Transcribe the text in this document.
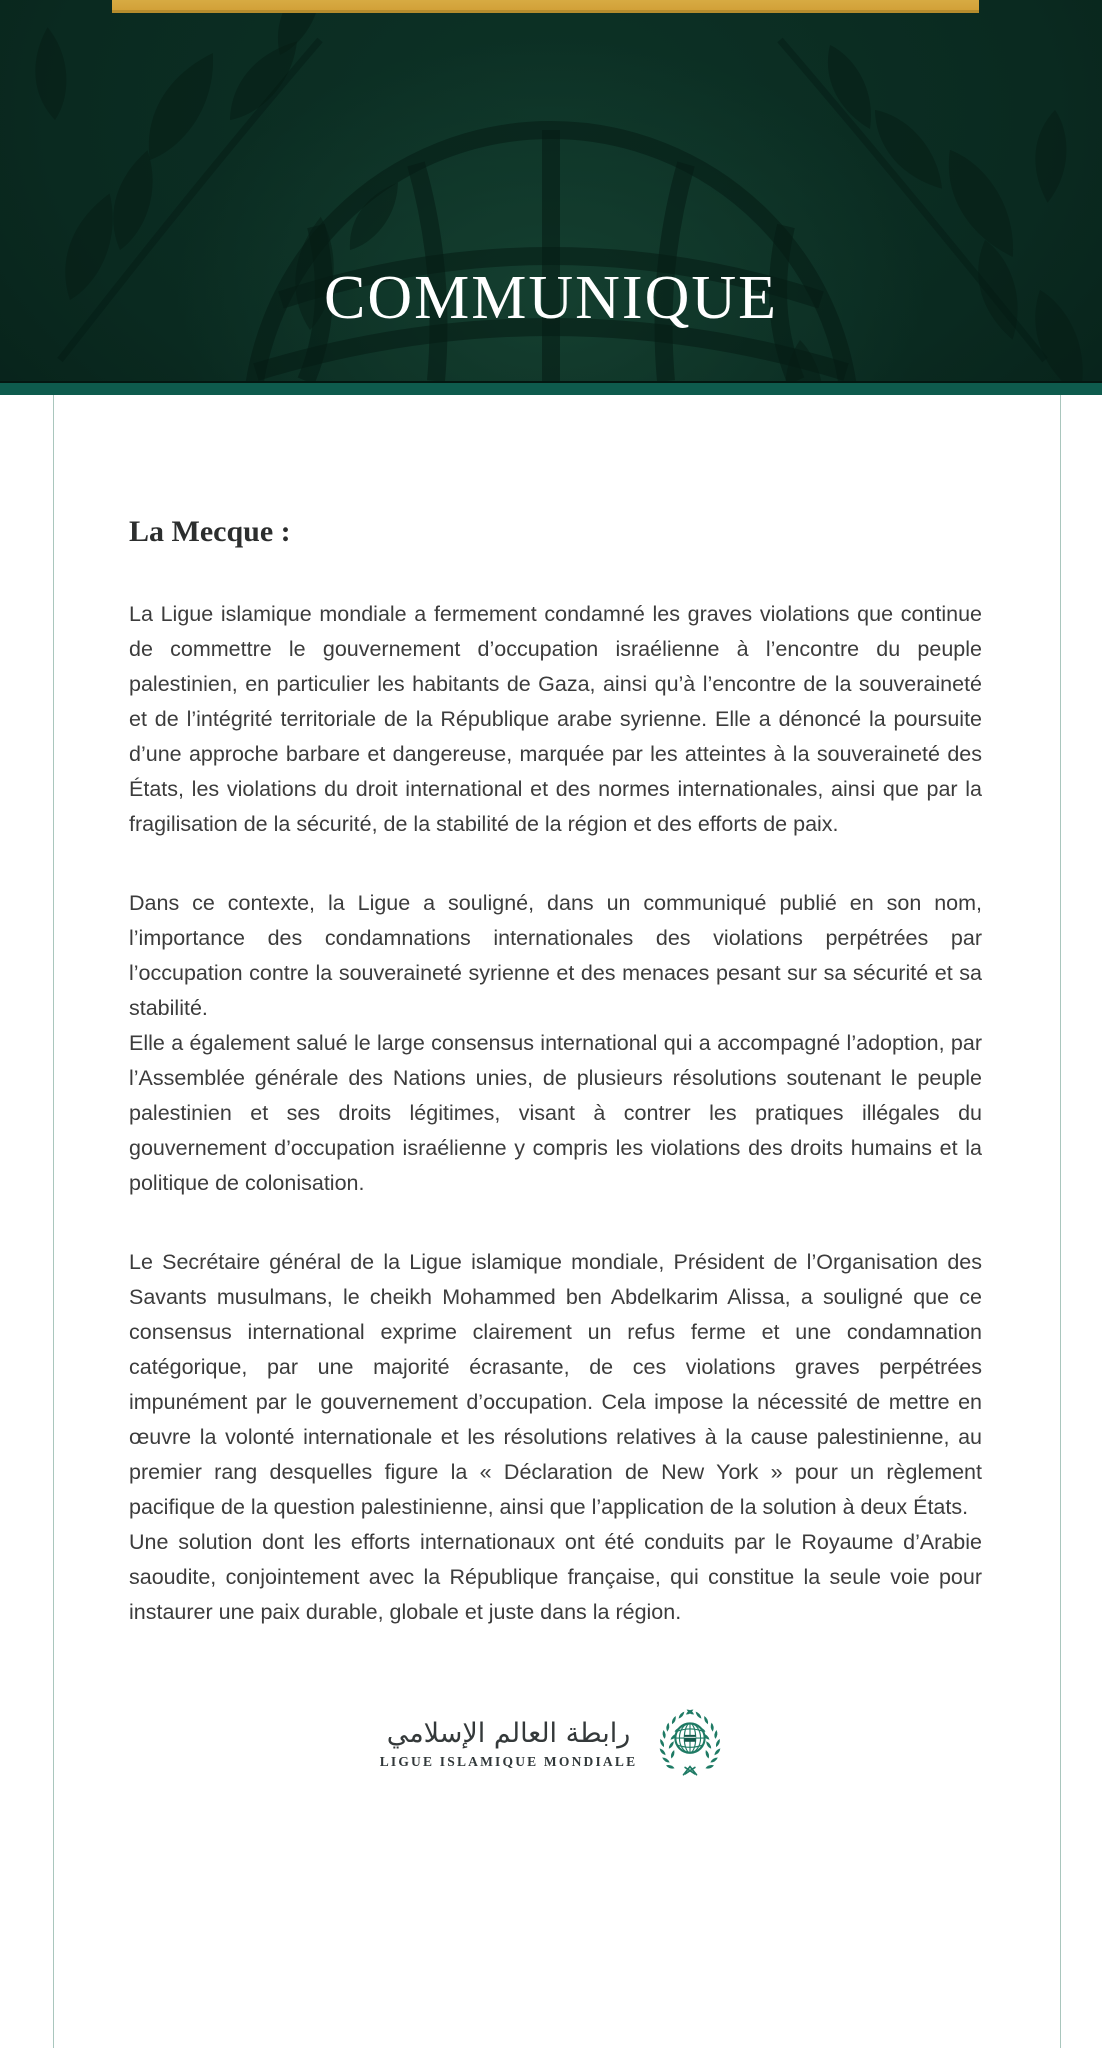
COMMUNIQUE
La Mecque :

La Ligue islamique mondiale a fermement condamné les graves violations que continue de commettre le gouvernement d’occupation israélienne à l’encontre du peuple palestinien, en particulier les habitants de Gaza, ainsi qu’à l’encontre de la souveraineté et de l’intégrité territoriale de la République arabe syrienne. Elle a dénoncé la poursuite d’une approche barbare et dangereuse, marquée par les atteintes à la souveraineté des États, les violations du droit international et des normes internationales, ainsi que par la fragilisation de la sécurité, de la stabilité de la région et des efforts de paix.

Dans ce contexte, la Ligue a souligné, dans un communiqué publié en son nom, l’importance des condamnations internationales des violations perpétrées par l’occupation contre la souveraineté syrienne et des menaces pesant sur sa sécurité et sa stabilité.

Elle a également salué le large consensus international qui a accompagné l’adoption, par l’Assemblée générale des Nations unies, de plusieurs résolutions soutenant le peuple palestinien et ses droits légitimes, visant à contrer les pratiques illégales du gouvernement d’occupation israélienne y compris les violations des droits humains et la politique de colonisation.

Le Secrétaire général de la Ligue islamique mondiale, Président de l’Organisation des Savants musulmans, le cheikh Mohammed ben Abdelkarim Alissa, a souligné que ce consensus international exprime clairement un refus ferme et une condamnation catégorique, par une majorité écrasante, de ces violations graves perpétrées impunément par le gouvernement d’occupation. Cela impose la nécessité de mettre en œuvre la volonté internationale et les résolutions relatives à la cause palestinienne, au premier rang desquelles figure la « Déclaration de New York » pour un règlement pacifique de la question palestinienne, ainsi que l’application de la solution à deux États.

Une solution dont les efforts internationaux ont été conduits par le Royaume d’Arabie saoudite, conjointement avec la République française, qui constitue la seule voie pour instaurer une paix durable, globale et juste dans la région.

رابطة العالم الإسلامي
LIGUE ISLAMIQUE MONDIALE
